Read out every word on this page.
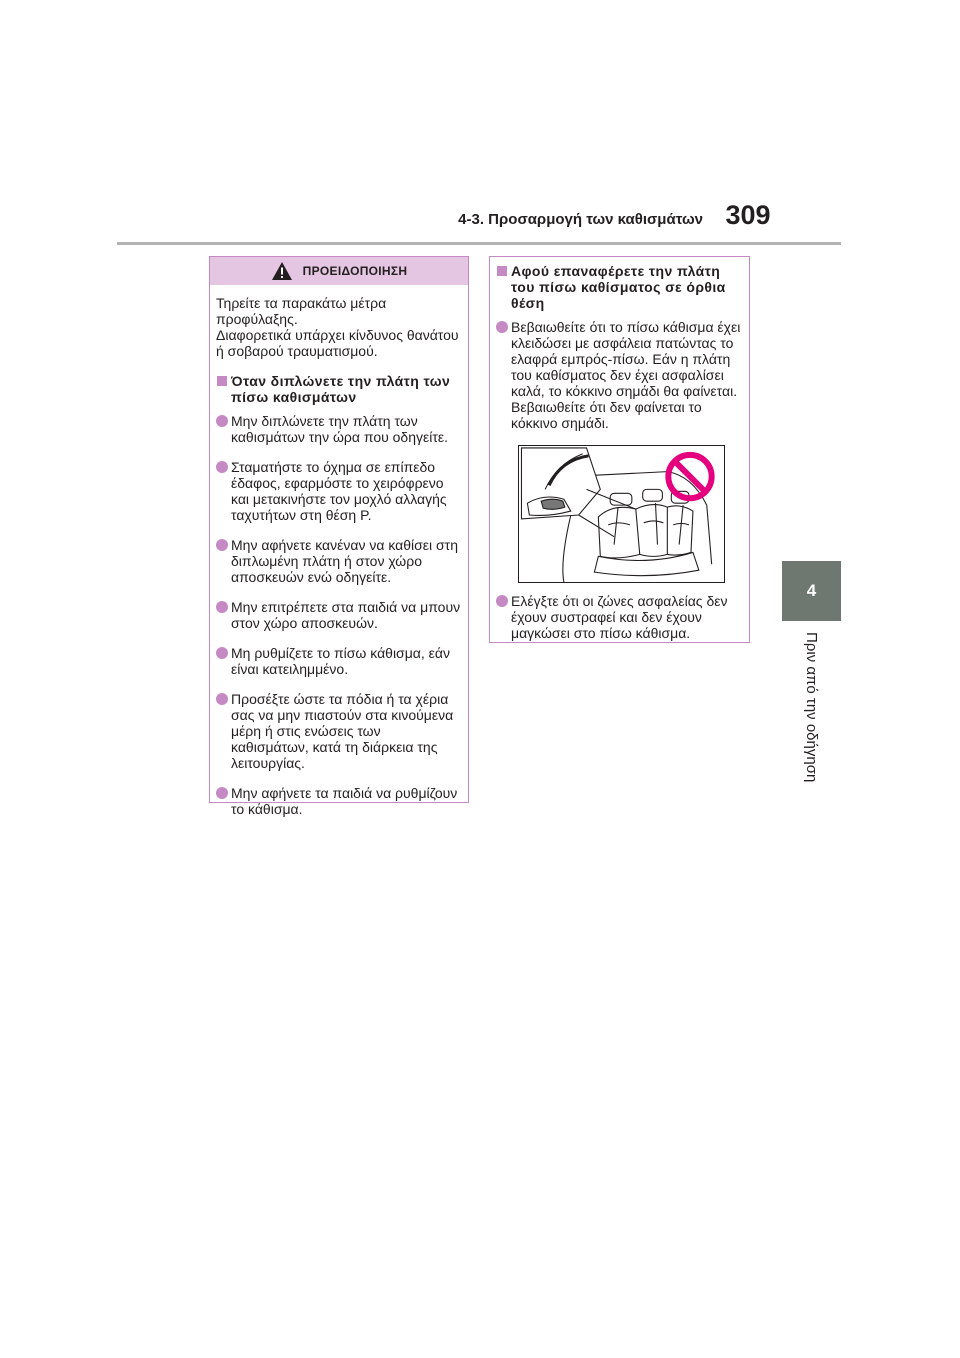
4-3. Προσαρμογή των καθισμάτων 309
4
Πριν από την οδήγηση
ΠΡΟΕΙΔΟΠΟΙΗΣΗ
Τηρείτε τα παρακάτω μέτρα προφύλαξης.
Διαφορετικά υπάρχει κίνδυνος θανάτου ή σοβαρού τραυματισμού.
Όταν διπλώνετε την πλάτη των πίσω καθισμάτων
Μην διπλώνετε την πλάτη των καθισμάτων την ώρα που οδηγείτε.
Σταματήστε το όχημα σε επίπεδο έδαφος, εφαρμόστε το χειρόφρενο και μετακινήστε τον μοχλό αλλαγής ταχυτήτων στη θέση P.
Μην αφήνετε κανέναν να καθίσει στη διπλωμένη πλάτη ή στον χώρο αποσκευών ενώ οδηγείτε.
Μην επιτρέπετε στα παιδιά να μπουν στον χώρο αποσκευών.
Μη ρυθμίζετε το πίσω κάθισμα, εάν είναι κατειλημμένο.
Προσέξτε ώστε τα πόδια ή τα χέρια σας να μην πιαστούν στα κινούμενα μέρη ή στις ενώσεις των καθισμάτων, κατά τη διάρκεια της λειτουργίας.
Μην αφήνετε τα παιδιά να ρυθμίζουν το κάθισμα.
Αφού επαναφέρετε την πλάτη του πίσω καθίσματος σε όρθια θέση
Βεβαιωθείτε ότι το πίσω κάθισμα έχει κλειδώσει με ασφάλεια πατώντας το ελαφρά εμπρός-πίσω. Εάν η πλάτη του καθίσματος δεν έχει ασφαλίσει καλά, το κόκκινο σημάδι θα φαίνεται. Βεβαιωθείτε ότι δεν φαίνεται το κόκκινο σημάδι.
Ελέγξτε ότι οι ζώνες ασφαλείας δεν έχουν συστραφεί και δεν έχουν μαγκώσει στο πίσω κάθισμα.
